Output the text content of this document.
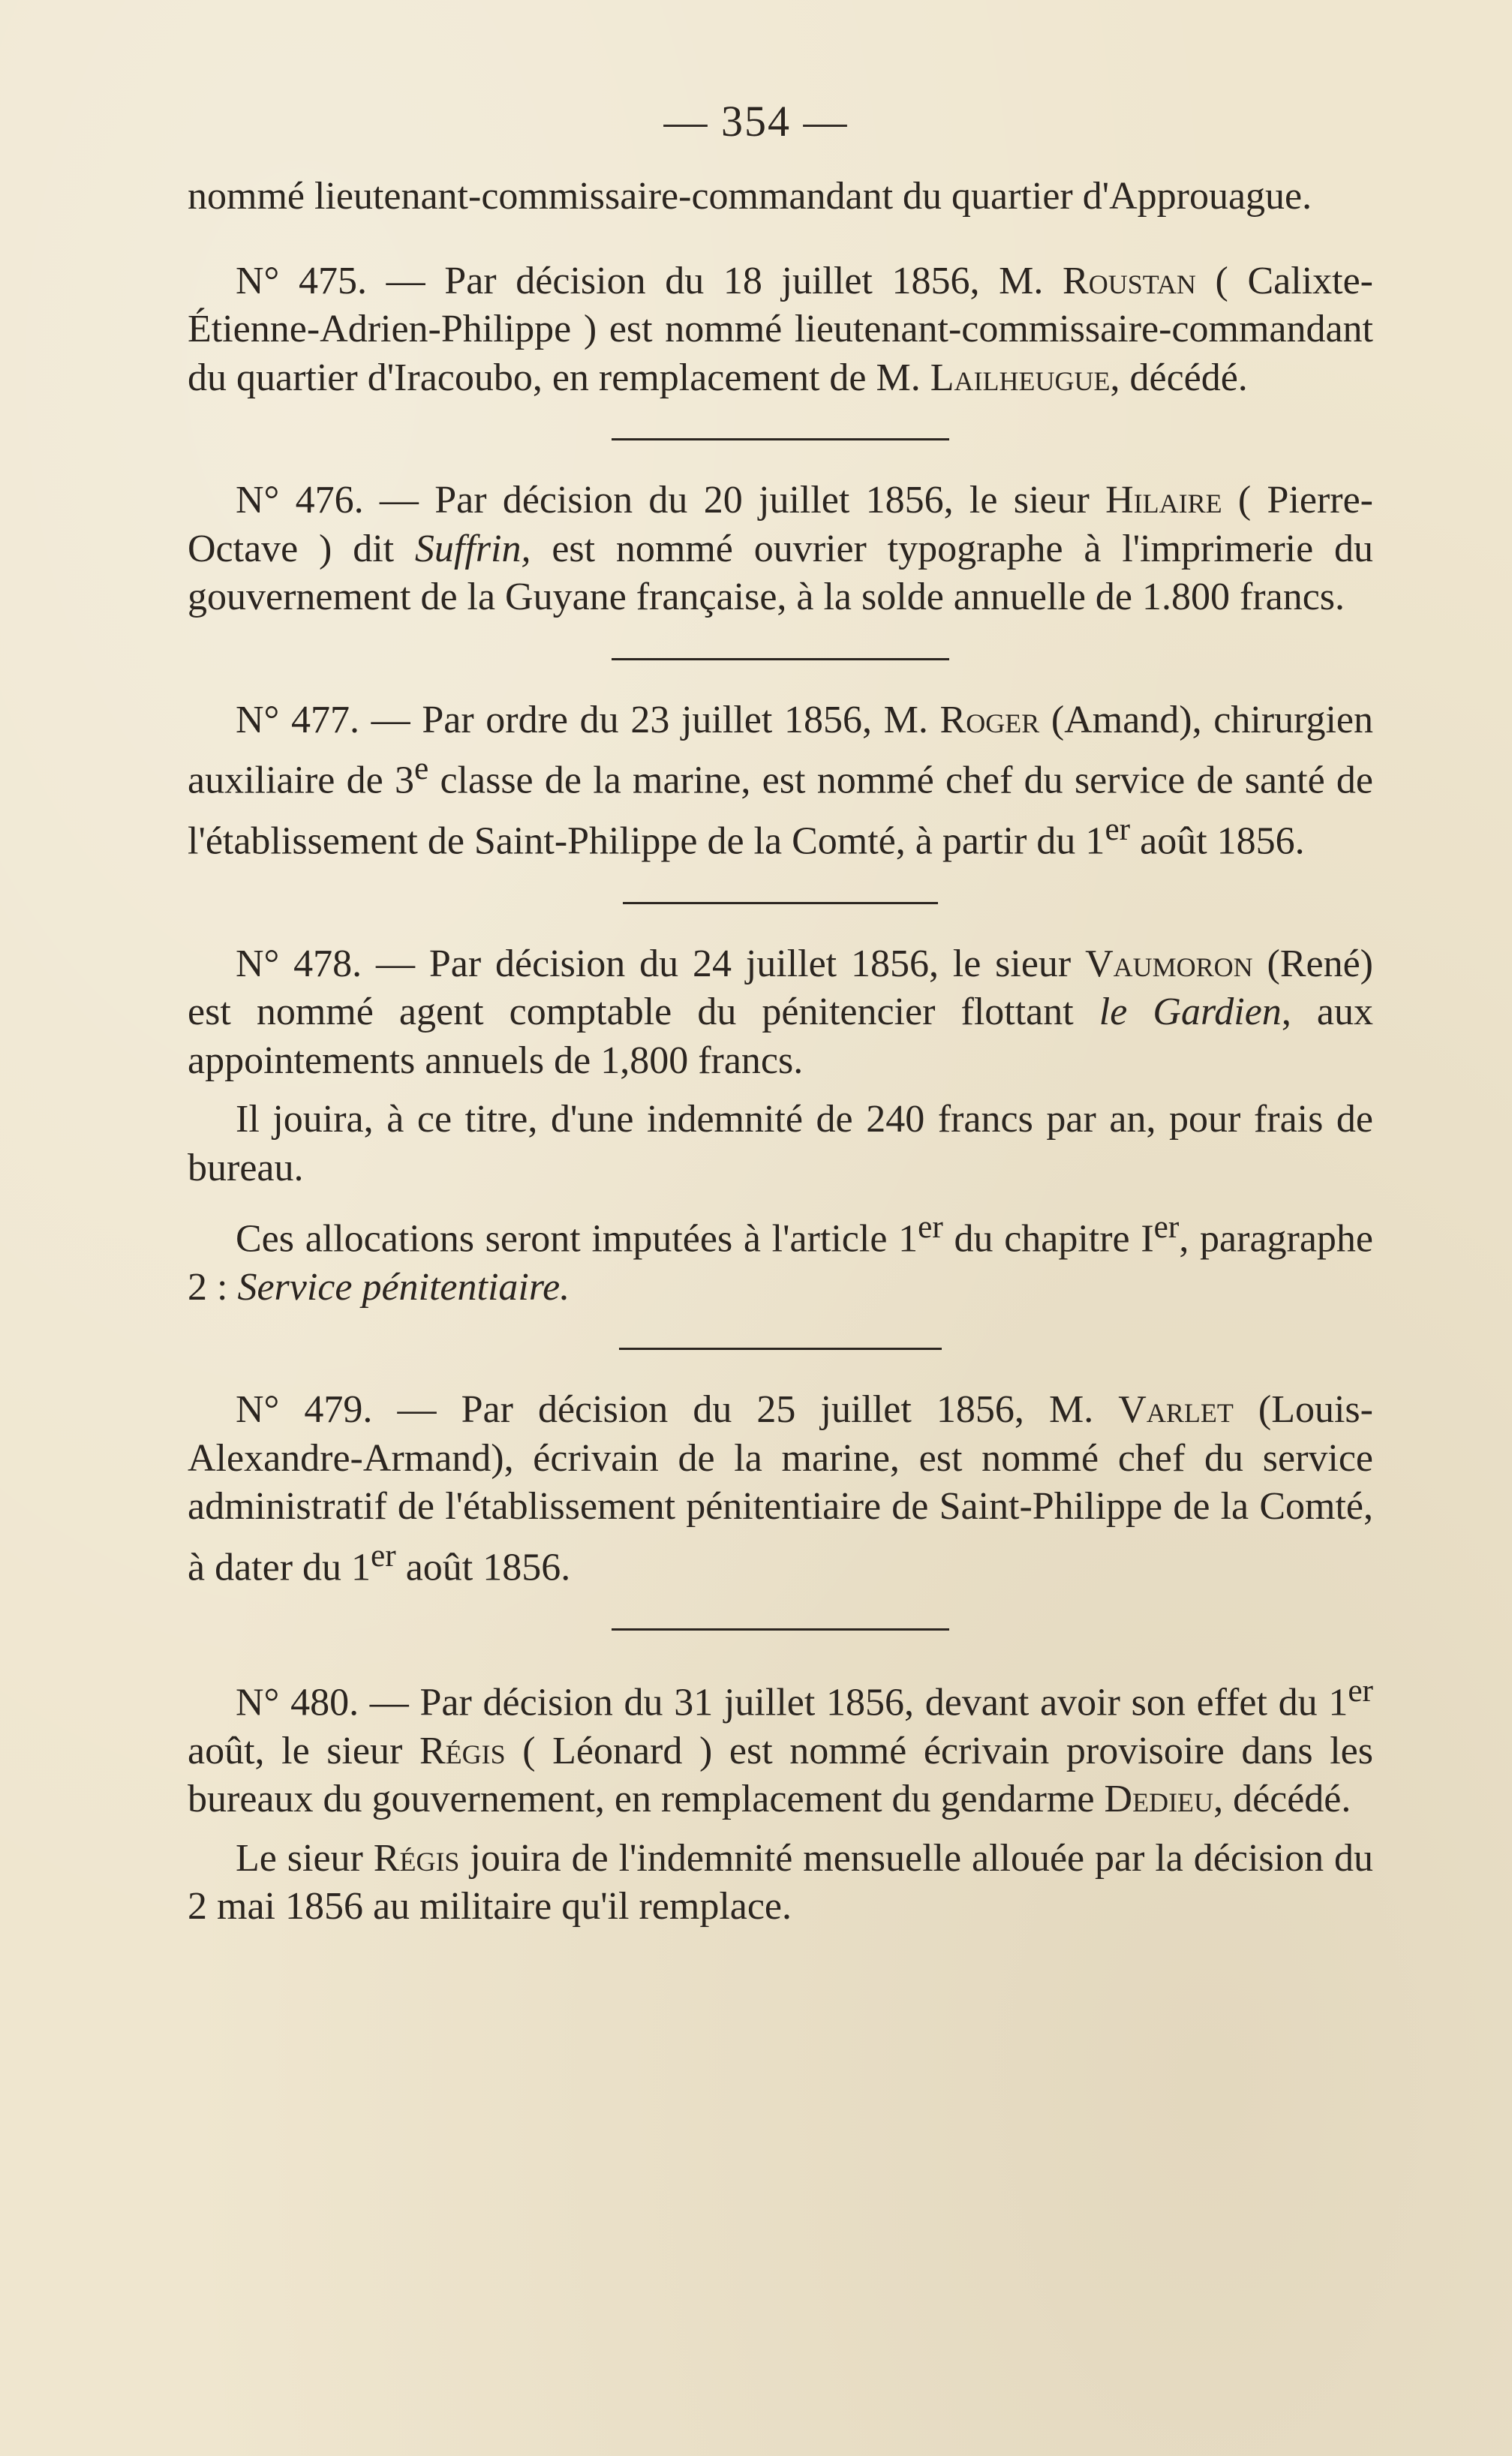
— 354 —

nommé lieutenant-commissaire-commandant du quartier d'Approuague.

N° 475. — Par décision du 18 juillet 1856, M. Roustan ( Calixte-Étienne-Adrien-Philippe ) est nommé lieutenant-commissaire-commandant du quartier d'Iracoubo, en remplacement de M. Lailheugue, décédé.

N° 476. — Par décision du 20 juillet 1856, le sieur Hilaire ( Pierre-Octave ) dit Suffrin, est nommé ouvrier typographe à l'imprimerie du gouvernement de la Guyane française, à la solde annuelle de 1.800 francs.

N° 477. — Par ordre du 23 juillet 1856, M. Roger (Amand), chirurgien auxiliaire de 3e classe de la marine, est nommé chef du service de santé de l'établissement de Saint-Philippe de la Comté, à partir du 1er août 1856.

N° 478. — Par décision du 24 juillet 1856, le sieur Vaumoron (René) est nommé agent comptable du pénitencier flottant le Gardien, aux appointements annuels de 1,800 francs.

Il jouira, à ce titre, d'une indemnité de 240 francs par an, pour frais de bureau.

Ces allocations seront imputées à l'article 1er du chapitre Ier, paragraphe 2 : Service pénitentiaire.

N° 479. — Par décision du 25 juillet 1856, M. Varlet (Louis-Alexandre-Armand), écrivain de la marine, est nommé chef du service administratif de l'établissement pénitentiaire de Saint-Philippe de la Comté, à dater du 1er août 1856.

N° 480. — Par décision du 31 juillet 1856, devant avoir son effet du 1er août, le sieur Régis ( Léonard ) est nommé écrivain provisoire dans les bureaux du gouvernement, en remplacement du gendarme Dedieu, décédé.

Le sieur Régis jouira de l'indemnité mensuelle allouée par la décision du 2 mai 1856 au militaire qu'il remplace.
